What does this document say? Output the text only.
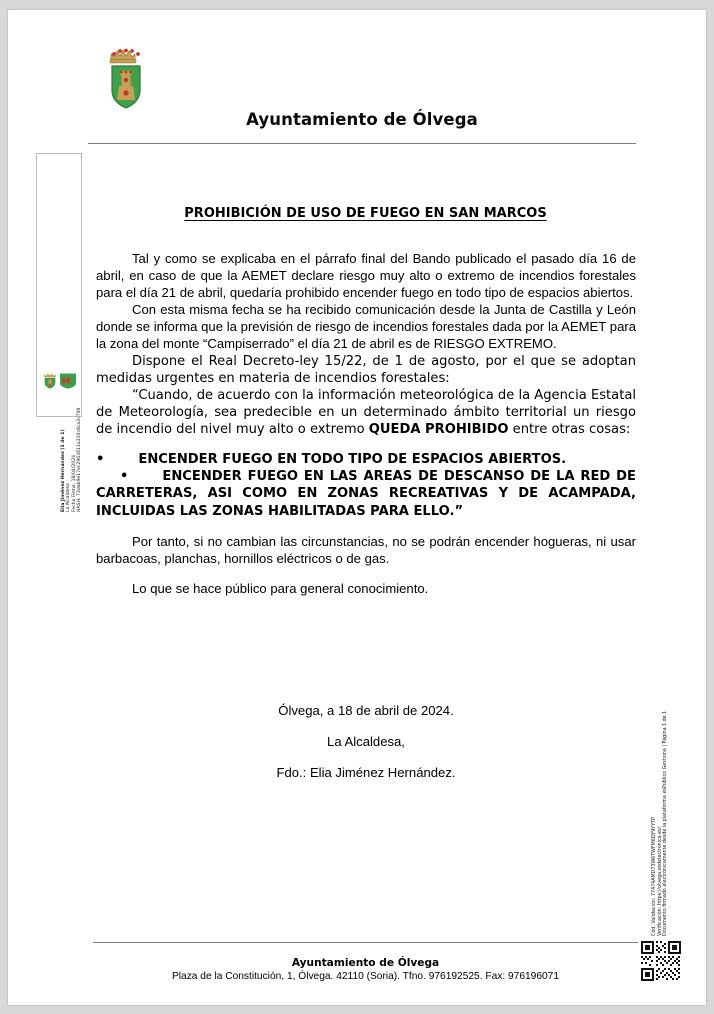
Ayuntamiento de Ólvega
Elia Jiménez Hernández (1 de 1) La Alcaldesa Fecha Firma: 18/04/2024 HASH: 73dab9e17ec2963611a310c8ca2c709
PROHIBICIÓN DE USO DE FUEGO EN SAN MARCOS

Tal y como se explicaba en el párrafo final del Bando publicado el pasado día 16 de abril, en caso de que la AEMET declare riesgo muy alto o extremo de incendios forestales para el día 21 de abril, quedaría prohibido encender fuego en todo tipo de espacios abiertos.

Con esta misma fecha se ha recibido comunicación desde la Junta de Castilla y León donde se informa que la previsión de riesgo de incendios forestales dada por la AEMET para la zona del monte “Campiserrado” el día 21 de abril es de RIESGO EXTREMO.

Dispone el Real Decreto-ley 15/22, de 1 de agosto, por el que se adoptan medidas urgentes en materia de incendios forestales:

“Cuando, de acuerdo con la información meteorológica de la Agencia Estatal de Meteorología, sea predecible en un determinado ámbito territorial un riesgo de incendio del nivel muy alto o extremo QUEDA PROHIBIDO entre otras cosas:

•	ENCENDER FUEGO EN TODO TIPO DE ESPACIOS ABIERTOS.

•	ENCENDER FUEGO EN LAS AREAS DE DESCANSO DE LA RED DE CARRETERAS, ASI COMO EN ZONAS RECREATIVAS Y DE ACAMPADA, INCLUIDAS LAS ZONAS HABILITADAS PARA ELLO.”

Por tanto, si no cambian las circunstancias, no se podrán encender hogueras, ni usar barbacoas, planchas, hornillos eléctricos o de gas.

Lo que se hace público para general conocimiento.

Ólvega, a 18 de abril de 2024.
La Alcaldesa,
Fdo.: Elia Jiménez Hernández.
Cód. Validación: 77474AMD73W6TWFM6DY9YYTP Verificación: https://olvega.sedelectronica.es/ Documento firmado electrónicamente desde la plataforma esPublico Gestiona | Página 1 de 1
Ayuntamiento de Ólvega
Plaza de la Constitución, 1, Ólvega. 42110 (Soria). Tfno. 976192525. Fax: 976196071
